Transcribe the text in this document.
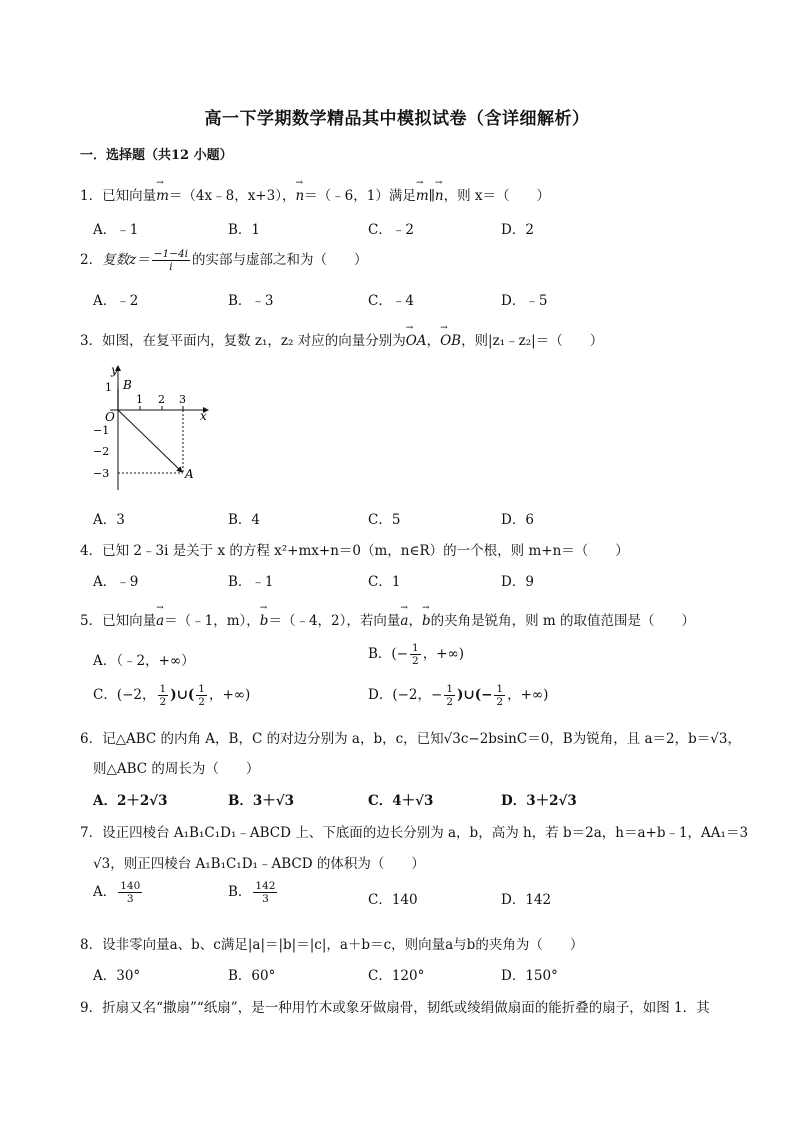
高一下学期数学精品其中模拟试卷（含详细解析）
一．选择题（共12 小题）
1．已知向量→ m＝（4x﹣8，x+3），→ n＝（﹣6，1）满足→ m∥→ n，则 x＝（　　）
A．﹣1	B．1	C．﹣2	D．2
2．复数$z= \frac{-1-4i}{i}$ 的实部与虚部之和为（　　）
A．﹣2	B．﹣3	C．﹣4	D．﹣5
3．如图，在复平面内，复数 z₁，z₂ 对应的向量分别为→ OA，→ OB，则|z₁﹣z₂|＝（　　）
y
x
O
B
A
1 2 3
1
−1
−2
−3
A．3	B．4	C．5	D．6
4．已知 2﹣3i 是关于 x 的方程 x²+mx+n＝0（m，n∈R）的一个根，则 m+n＝（　　）
A．﹣9	B．﹣1	C．1	D．9
5．已知向量→ a＝（﹣1，m），→ b＝（﹣4，2），若向量→ a，→ b的夹角是锐角，则 m 的取值范围是（　　）
A．（﹣2，+∞）	B．(− $\frac{1}{2}$ ，+∞)
C．(−2， $\frac{1}{2}$ )∪( $\frac{1}{2}$ ，+∞)	D．(−2，− $\frac{1}{2}$ )∪(− $\frac{1}{2}$ ，+∞)
6．记△ABC 的内角 A，B，C 的对边分别为 a，b，c，已知√3c−2bsinC＝0，B为锐角，且 a＝2，b＝√3，
则△ABC 的周长为（　　）
A．2＋2√3	B．3＋√3	C．4＋√3	D．3＋2√3
7．设正四棱台 A₁B₁C₁D₁﹣ABCD 上、下底面的边长分别为 a，b，高为 h，若 b＝2a，h＝a+b﹣1，AA₁＝3
√3，则正四棱台 A₁B₁C₁D₁﹣ABCD 的体积为（　　）
A． $\frac{140}{3}$	B． $\frac{142}{3}$	C．140	D．142
8．设非零向量a、b、c满足|a|＝|b|＝|c|，a＋b＝c，则向量a与b的夹角为（　　）
A．30°	B．60°	C．120°	D．150°
9．折扇又名“撒扇”“纸扇”，是一种用竹木或象牙做扇骨，韧纸或绫绢做扇面的能折叠的扇子，如图 1．其
